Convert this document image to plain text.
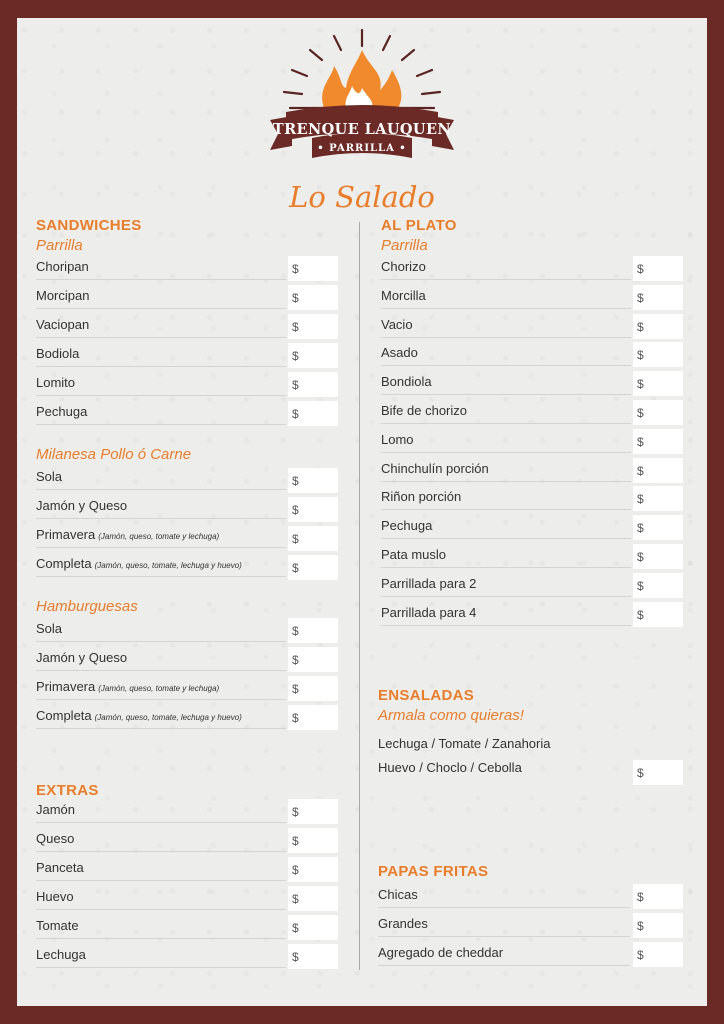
TRENQUE LAUQUEN
• PARRILLA •
Lo Salado
SANDWICHES
Parrilla
Choripan	$
Morcipan	$
Vaciopan	$
Bodiola	$
Lomito	$
Pechuga	$
Milanesa Pollo ó Carne
Sola	$
Jamón y Queso	$
Primavera (Jamón, queso, tomate y lechuga)	$
Completa (Jamón, queso, tomate, lechuga y huevo)	$
Hamburguesas
Sola	$
Jamón y Queso	$
Primavera (Jamón, queso, tomate y lechuga)	$
Completa (Jamón, queso, tomate, lechuga y huevo)	$
EXTRAS
Jamón	$
Queso	$
Panceta	$
Huevo	$
Tomate	$
Lechuga	$
AL PLATO
Parrilla
Chorizo	$
Morcilla	$
Vacio	$
Asado	$
Bondiola	$
Bife de chorizo	$
Lomo	$
Chinchulín porción	$
Riñon porción	$
Pechuga	$
Pata muslo	$
Parrillada para 2	$
Parrillada para 4	$
ENSALADAS
Armala como quieras!
Lechuga / Tomate / Zanahoria
Huevo / Choclo / Cebolla	$
PAPAS FRITAS
Chicas	$
Grandes	$
Agregado de cheddar	$
